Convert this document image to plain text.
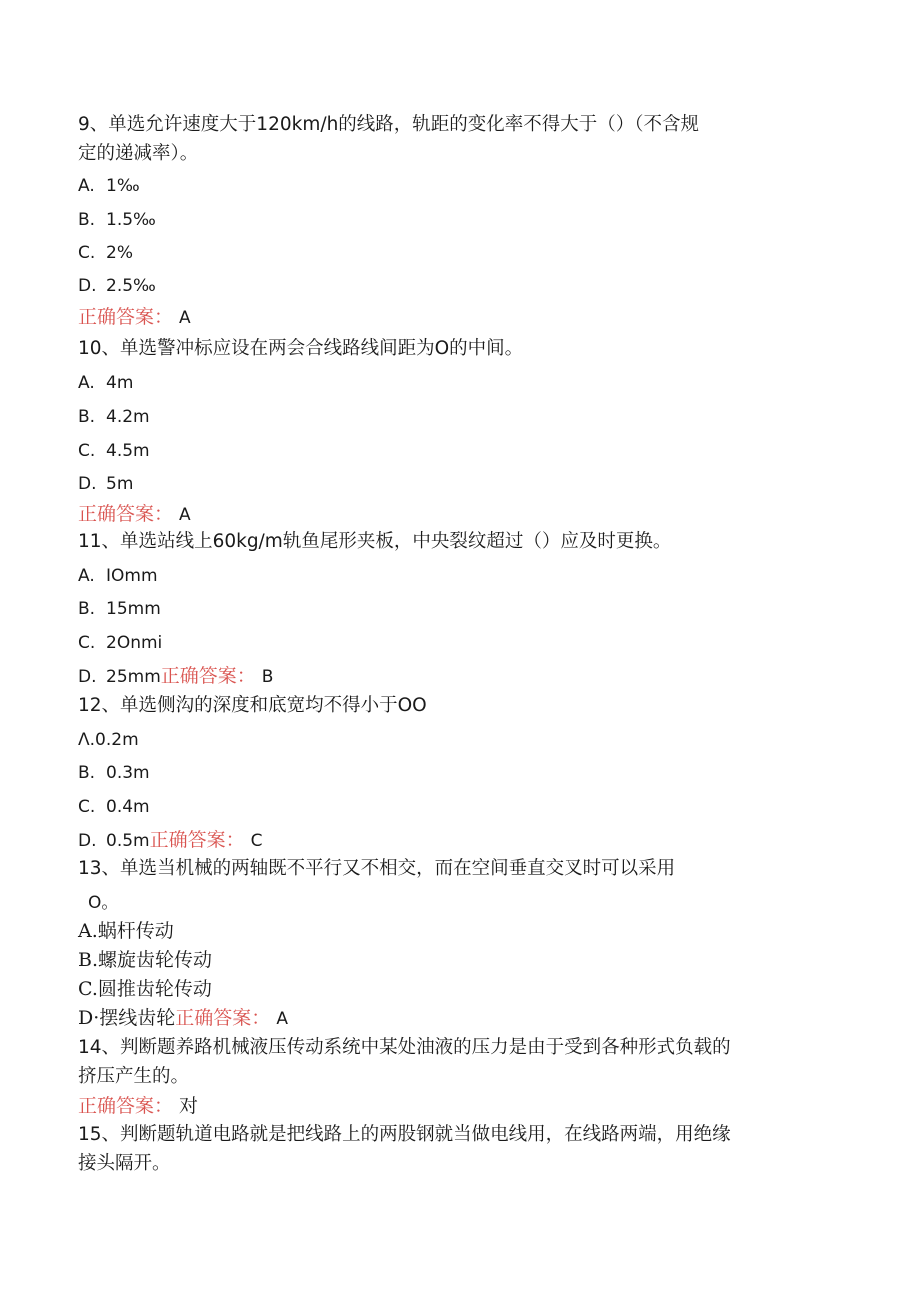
9、单选允许速度大于120km/h的线路，轨距的变化率不得大于（）（不含规
定的递减率）。
A. 1‰
B. 1.5‰
C. 2%
D. 2.5‰
正确答案： A
10、单选警冲标应设在两会合线路线间距为O的中间。
A. 4m
B. 4.2m
C. 4.5m
D. 5m
正确答案： A
11、单选站线上60kg/m轨鱼尾形夹板，中央裂纹超过（）应及时更换。
A. IOmm
B. 15mm
C. 2Onmi
D. 25mm正确答案： B
12、单选侧沟的深度和底宽均不得小于OO
Λ.0.2m
B. 0.3m
C. 0.4m
D. 0.5m正确答案： C
13、单选当机械的两轴既不平行又不相交，而在空间垂直交叉时可以采用
O。
A.蜗杆传动
B.螺旋齿轮传动
C.圆推齿轮传动
D·摆线齿轮正确答案： A
14、判断题养路机械液压传动系统中某处油液的压力是由于受到各种形式负载的
挤压产生的。
正确答案： 对
15、判断题轨道电路就是把线路上的两股钢就当做电线用，在线路两端，用绝缘
接头隔开。
